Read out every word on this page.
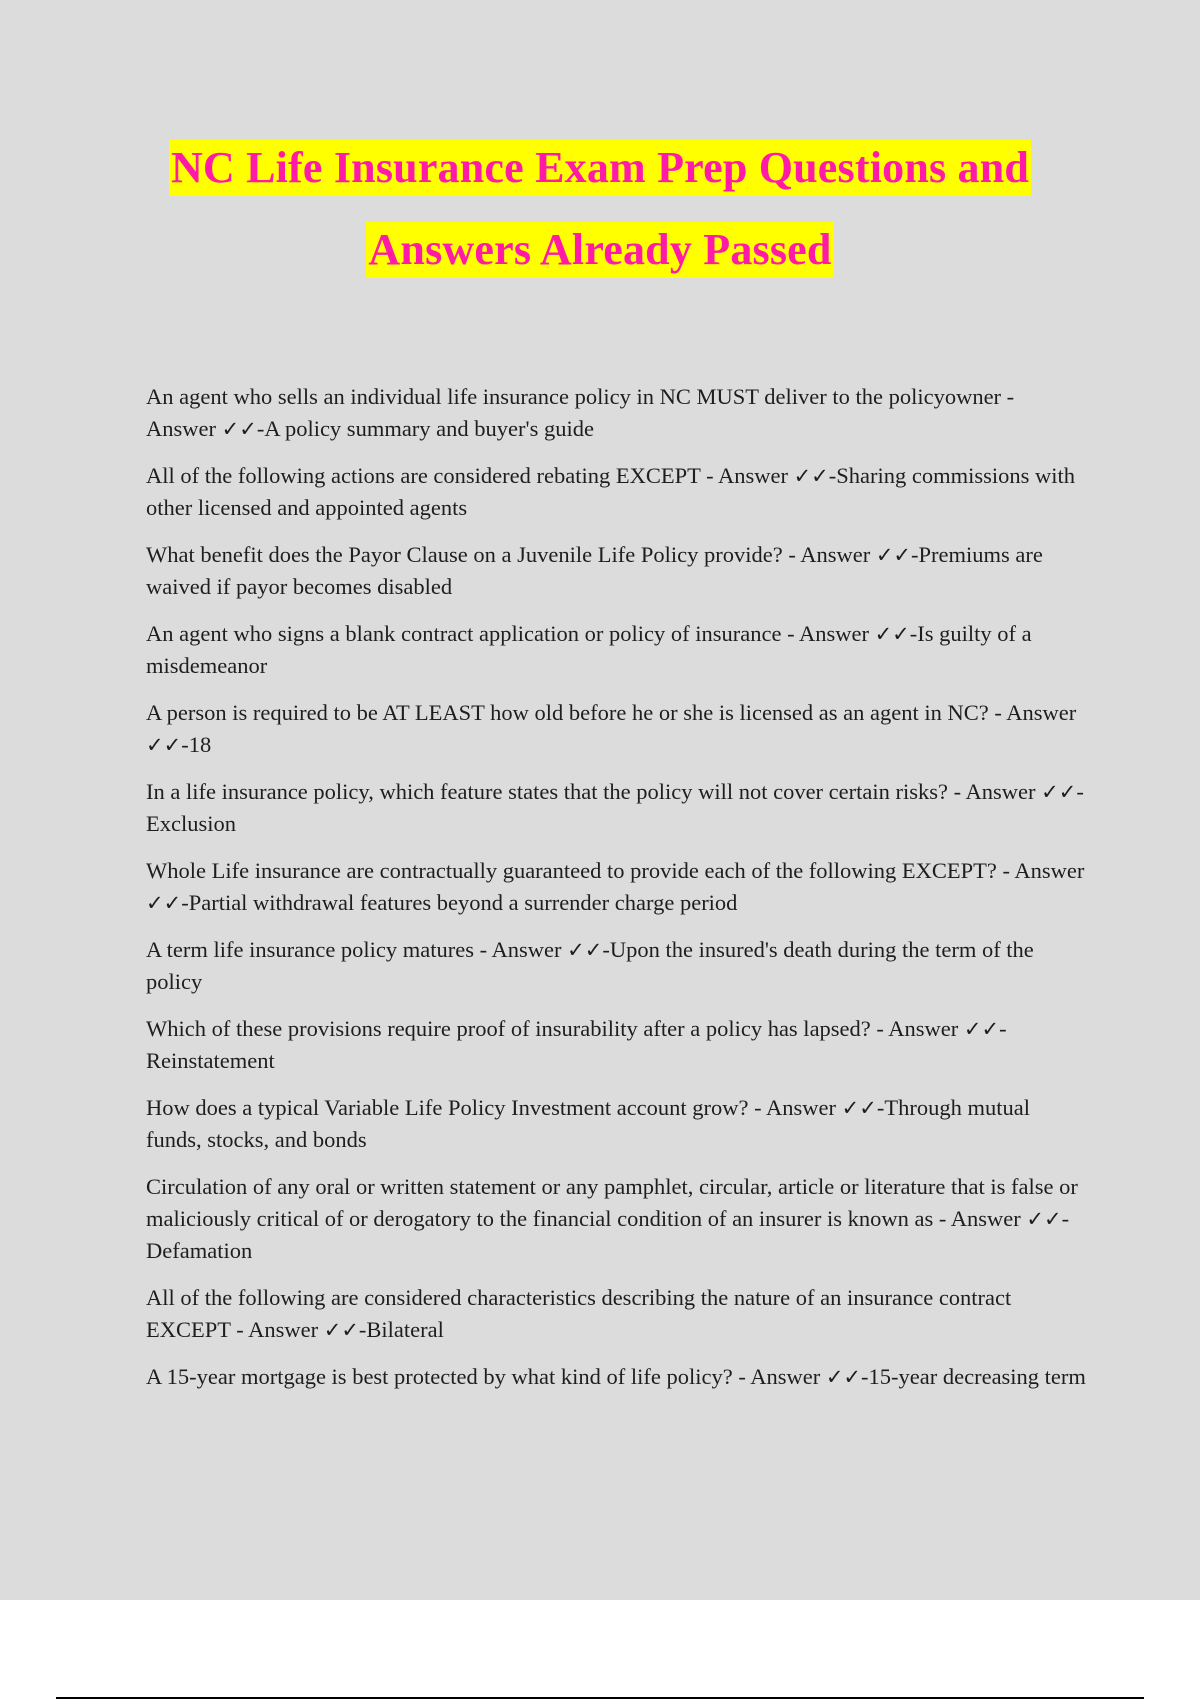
NC Life Insurance Exam Prep Questions and
Answers Already Passed
An agent who sells an individual life insurance policy in NC MUST deliver to the policyowner - Answer ✓✓-A policy summary and buyer's guide
All of the following actions are considered rebating EXCEPT - Answer ✓✓-Sharing commissions with other licensed and appointed agents
What benefit does the Payor Clause on a Juvenile Life Policy provide? - Answer ✓✓-Premiums are waived if payor becomes disabled
An agent who signs a blank contract application or policy of insurance - Answer ✓✓-Is guilty of a misdemeanor
A person is required to be AT LEAST how old before he or she is licensed as an agent in NC? - Answer ✓✓-18
In a life insurance policy, which feature states that the policy will not cover certain risks? - Answer ✓✓-Exclusion
Whole Life insurance are contractually guaranteed to provide each of the following EXCEPT? - Answer ✓✓-Partial withdrawal features beyond a surrender charge period
A term life insurance policy matures - Answer ✓✓-Upon the insured's death during the term of the policy
Which of these provisions require proof of insurability after a policy has lapsed? - Answer ✓✓-Reinstatement
How does a typical Variable Life Policy Investment account grow? - Answer ✓✓-Through mutual funds, stocks, and bonds
Circulation of any oral or written statement or any pamphlet, circular, article or literature that is false or maliciously critical of or derogatory to the financial condition of an insurer is known as - Answer ✓✓-Defamation
All of the following are considered characteristics describing the nature of an insurance contract EXCEPT - Answer ✓✓-Bilateral
A 15-year mortgage is best protected by what kind of life policy? - Answer ✓✓-15-year decreasing term
